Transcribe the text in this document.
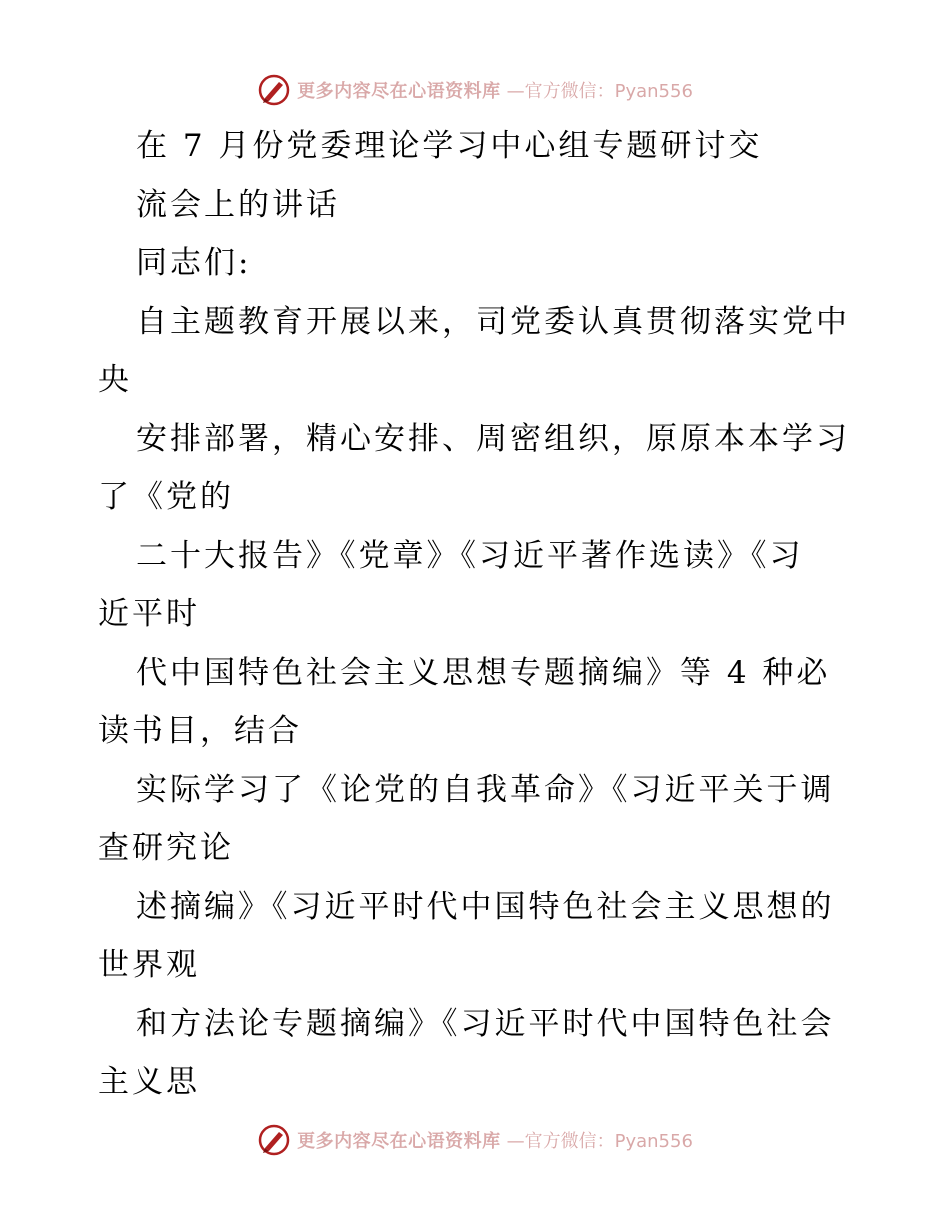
更多内容尽在心语资料库 —官方微信：Pyan556
在 7 月份党委理论学习中心组专题研讨交
流会上的讲话
同志们:
自主题教育开展以来，司党委认真贯彻落实党中
央
安排部署，精心安排、周密组织，原原本本学习
了《党的
二十大报告》《党章》《习近平著作选读》《习
近平时
代中国特色社会主义思想专题摘编》等 4 种必
读书目，结合
实际学习了《论党的自我革命》《习近平关于调
查研究论
述摘编》《习近平时代中国特色社会主义思想的
世界观
和方法论专题摘编》《习近平时代中国特色社会
主义思
更多内容尽在心语资料库 —官方微信：Pyan556
